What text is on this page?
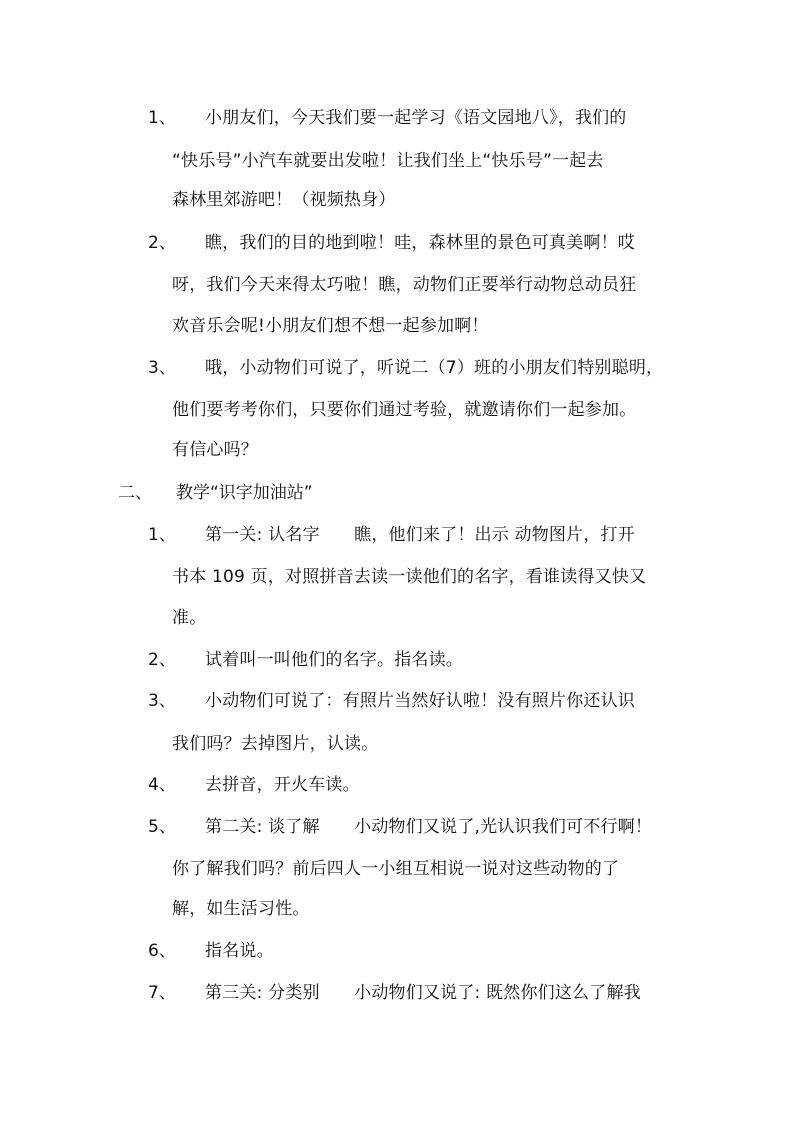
1、 小朋友们，今天我们要一起学习《语文园地八》，我们的
“快乐号”小汽车就要出发啦！让我们坐上“快乐号”一起去
森林里郊游吧！（视频热身）
2、 瞧，我们的目的地到啦！哇，森林里的景色可真美啊！哎
呀，我们今天来得太巧啦！瞧，动物们正要举行动物总动员狂
欢音乐会呢!小朋友们想不想一起参加啊！
3、 哦，小动物们可说了，听说二（7）班的小朋友们特别聪明，
他们要考考你们，只要你们通过考验，就邀请你们一起参加。
有信心吗？
二、 教学“识字加油站”
1、 第一关: 认名字　　瞧，他们来了！出示 动物图片，打开
书本 109 页，对照拼音去读一读他们的名字，看谁读得又快又
准。
2、 试着叫一叫他们的名字。指名读。
3、 小动物们可说了：有照片当然好认啦！没有照片你还认识
我们吗？去掉图片，认读。
4、 去拼音，开火车读。
5、 第二关: 谈了解　　小动物们又说了,光认识我们可不行啊！
你了解我们吗？前后四人一小组互相说一说对这些动物的了
解，如生活习性。
6、 指名说。
7、 第三关: 分类别　　小动物们又说了: 既然你们这么了解我
